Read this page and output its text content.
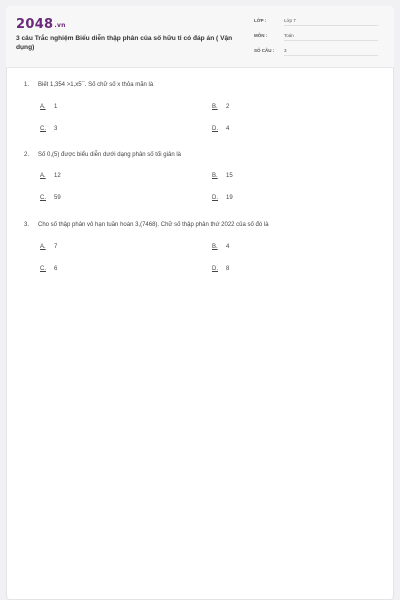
2048.vn
3 câu Trắc nghiệm Biểu diễn thập phân của số hữu tỉ có đáp án ( Vận dụng)
LỚP :	Lớp 7
MÔN :	Toán
SỐ CÂU : 3
1. Biết 1,354 >1,x5¯. Số chữ số x thỏa mãn là
A. 1	B. 2
C. 3	D. 4
2. Số 0,(5) được biểu diễn dưới dạng phân số tối giản là
A. 12	B. 15
C. 59	D. 19
3. Cho số thập phân vô hạn tuần hoàn 3,(7468). Chữ số thập phân thứ 2022 của số đó là
A. 7	B. 4
C. 6	D. 8
